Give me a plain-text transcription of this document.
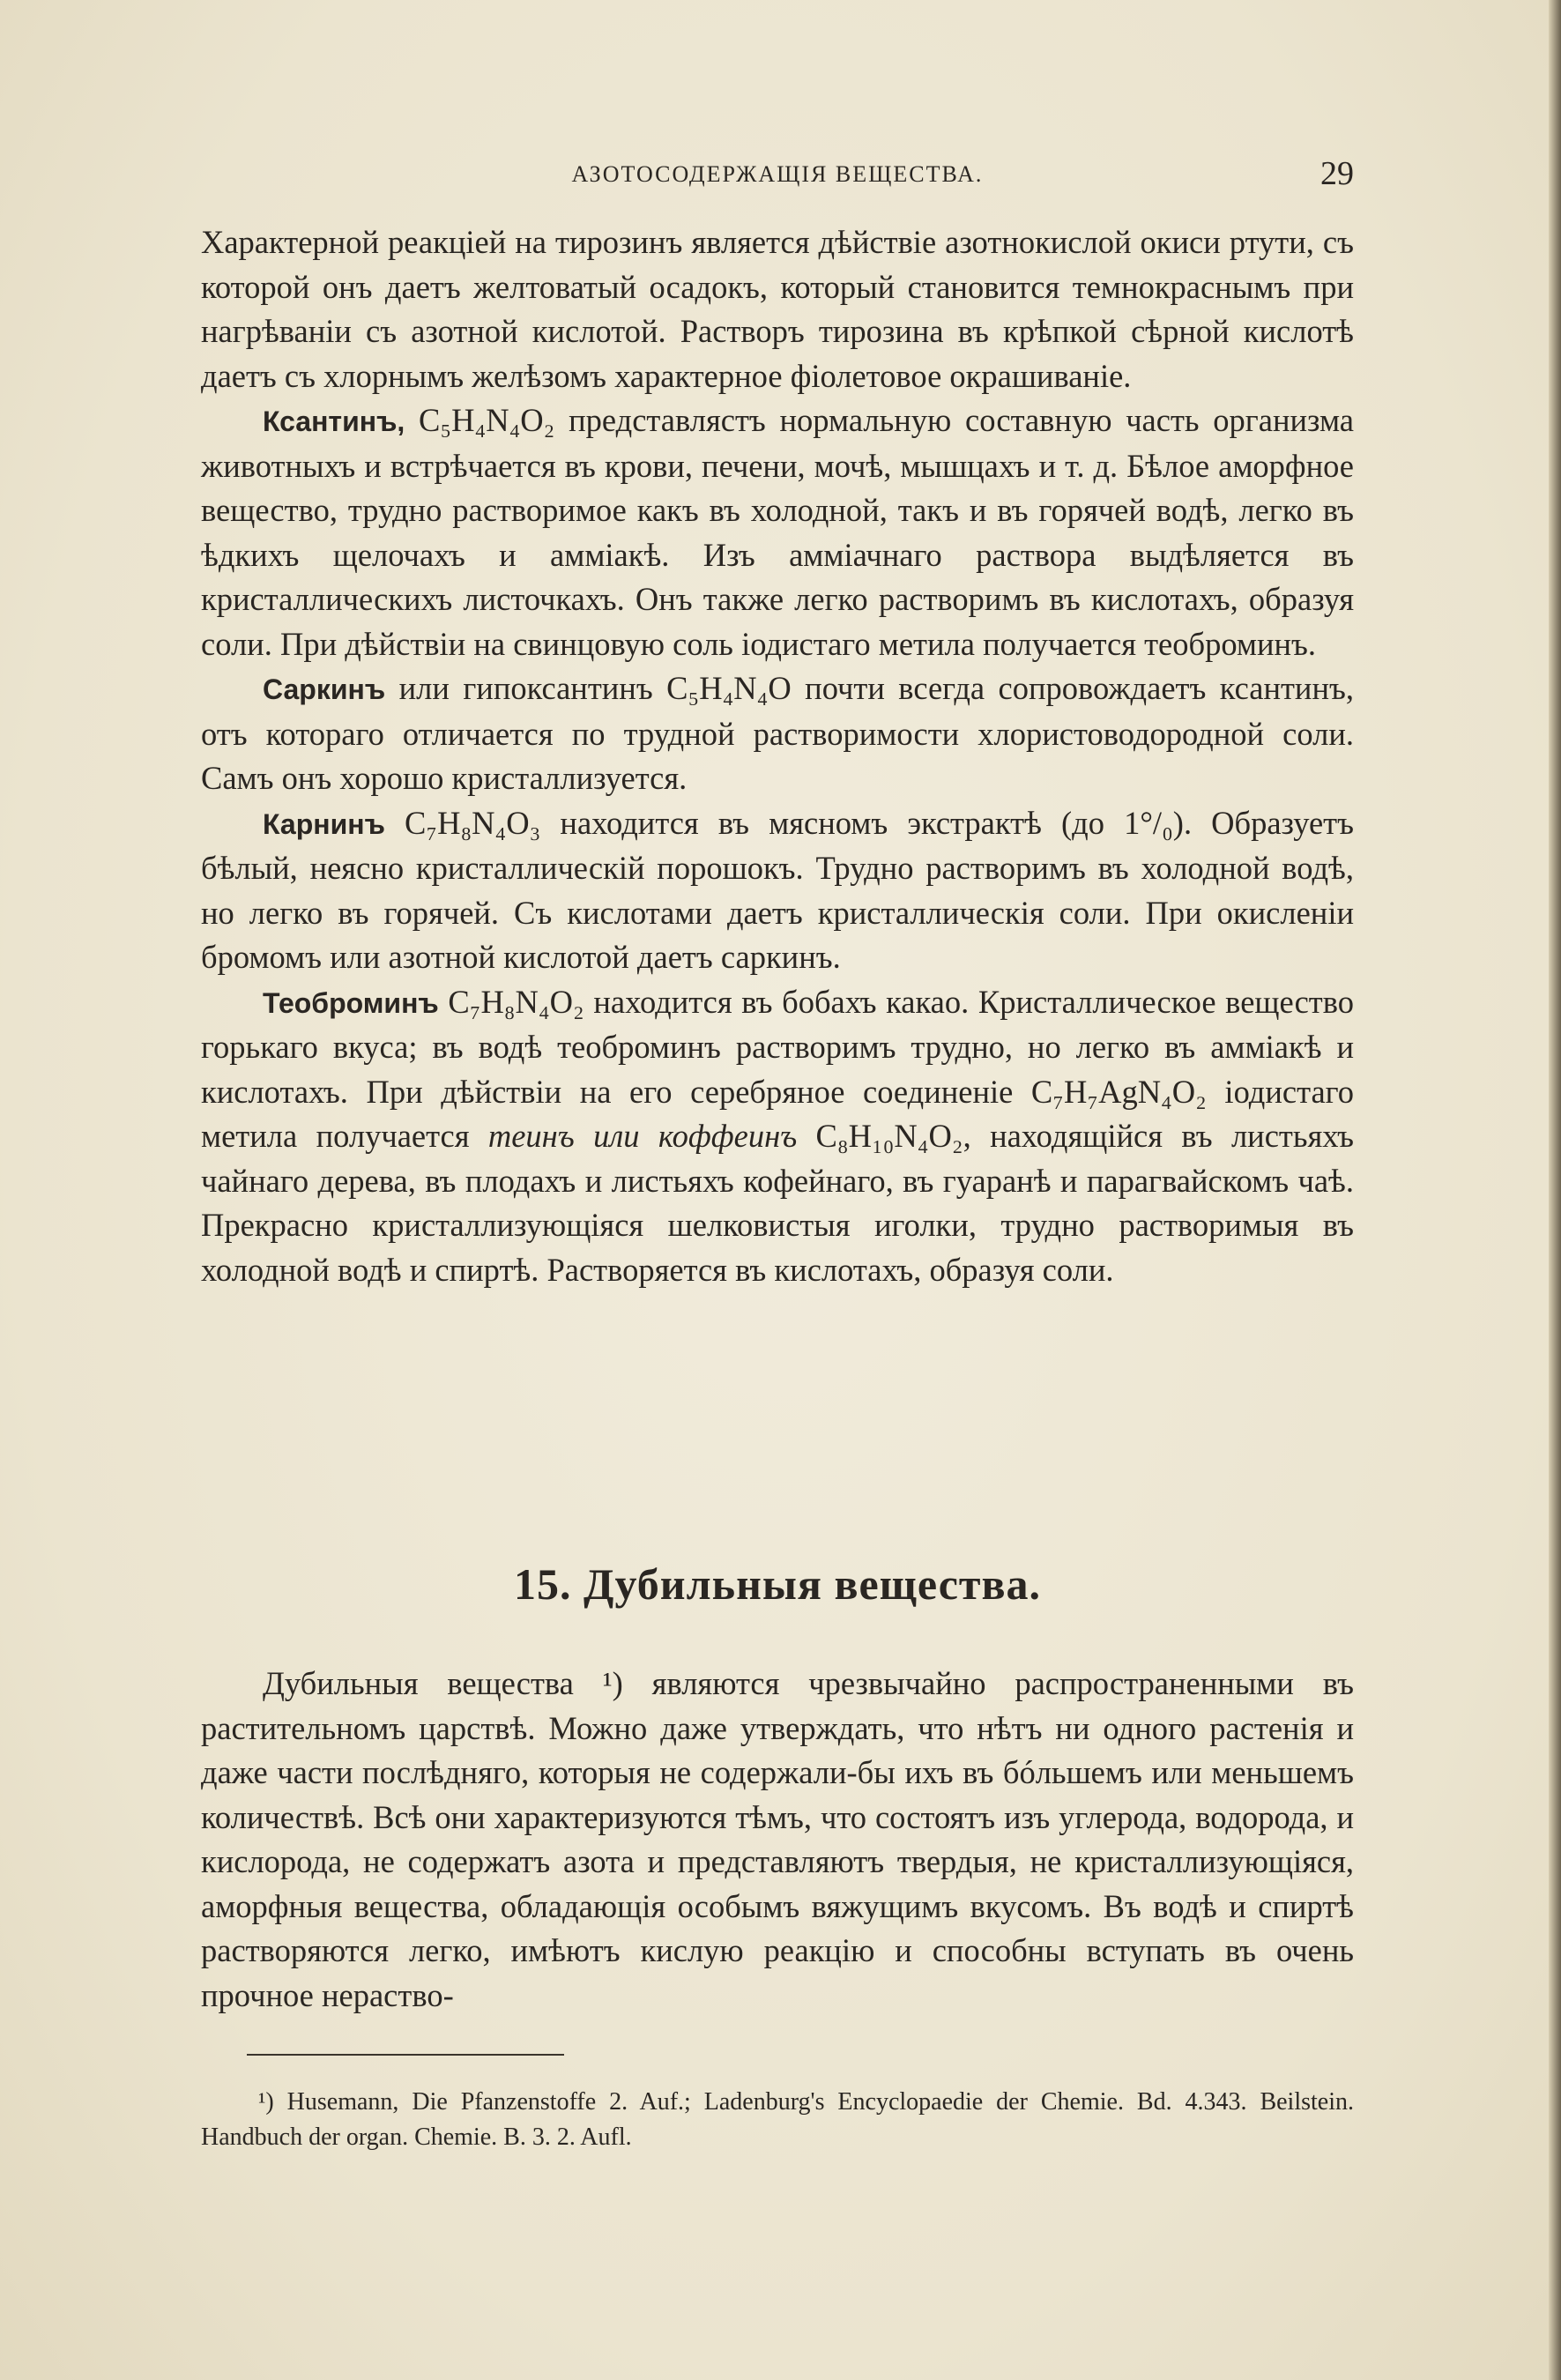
АЗОТОСОДЕРЖАЩIЯ ВЕЩЕСТВА.	29

Характерной реакціей на тирозинъ является дѣйствіе азотнокислой окиси ртути, съ которой онъ даетъ желтоватый осадокъ, который становится темнокраснымъ при нагрѣваніи съ азотной кислотой. Растворъ тирозина въ крѣпкой сѣрной кислотѣ даетъ съ хлорнымъ желѣзомъ характерное фіолетовое окрашиваніе.

Ксантинъ, C₅H₄N₄O₂ представлястъ нормальную составную часть организма животныхъ и встрѣчается въ крови, печени, мочѣ, мышцахъ и т. д. Бѣлое аморфное вещество, трудно растворимое какъ въ холодной, такъ и въ горячей водѣ, легко въ ѣдкихъ щелочахъ и амміакѣ. Изъ амміачнаго раствора выдѣляется въ кристаллическихъ листочкахъ. Онъ также легко растворимъ въ кислотахъ, образуя соли. При дѣйствіи на свинцовую соль іодистаго метила получается теоброминъ.

Саркинъ или гипоксантинъ C₅H₄N₄O почти всегда сопровождаетъ ксантинъ, отъ котораго отличается по трудной растворимости хлористоводородной соли. Самъ онъ хорошо кристаллизуется.

Карнинъ C₇H₈N₄O₃ находится въ мясномъ экстрактѣ (до 1°/₀). Образуетъ бѣлый, неясно кристаллическій порошокъ. Трудно растворимъ въ холодной водѣ, но легко въ горячей. Съ кислотами даетъ кристаллическія соли. При окисленіи бромомъ или азотной кислотой даетъ саркинъ.

Теоброминъ C₇H₈N₄O₂ находится въ бобахъ какао. Кристаллическое вещество горькаго вкуса; въ водѣ теоброминъ растворимъ трудно, но легко въ амміакѣ и кислотахъ. При дѣйствіи на его серебряное соединеніе C₇H₇AgN₄O₂ іодистаго метила получается теинъ или коффеинъ C₈H₁₀N₄O₂, находящійся въ листьяхъ чайнаго дерева, въ плодахъ и листьяхъ кофейнаго, въ гуаранѣ и парагвайскомъ чаѣ. Прекрасно кристаллизующіяся шелковистыя иголки, трудно растворимыя въ холодной водѣ и спиртѣ. Растворяется въ кислотахъ, образуя соли.

15. Дубильныя вещества.

Дубильныя вещества ¹) являются чрезвычайно распространенными въ растительномъ царствѣ. Можно даже утверждать, что нѣтъ ни одного растенія и даже части послѣдняго, которыя не содержали-бы ихъ въ бóльшемъ или меньшемъ количествѣ. Всѣ они характеризуются тѣмъ, что состоятъ изъ углерода, водорода, и кислорода, не содержатъ азота и представляютъ твердыя, не кристаллизующіяся, аморфныя вещества, обладающія особымъ вяжущимъ вкусомъ. Въ водѣ и спиртѣ растворяются легко, имѣютъ кислую реакцію и способны вступать въ очень прочное нераство-

¹) Husemann, Die Pfanzenstoffe 2. Auf.; Ladenburg's Encyclopaedie der Chemie. Bd. 4.343. Beilstein. Handbuch der organ. Chemie. B. 3. 2. Aufl.
